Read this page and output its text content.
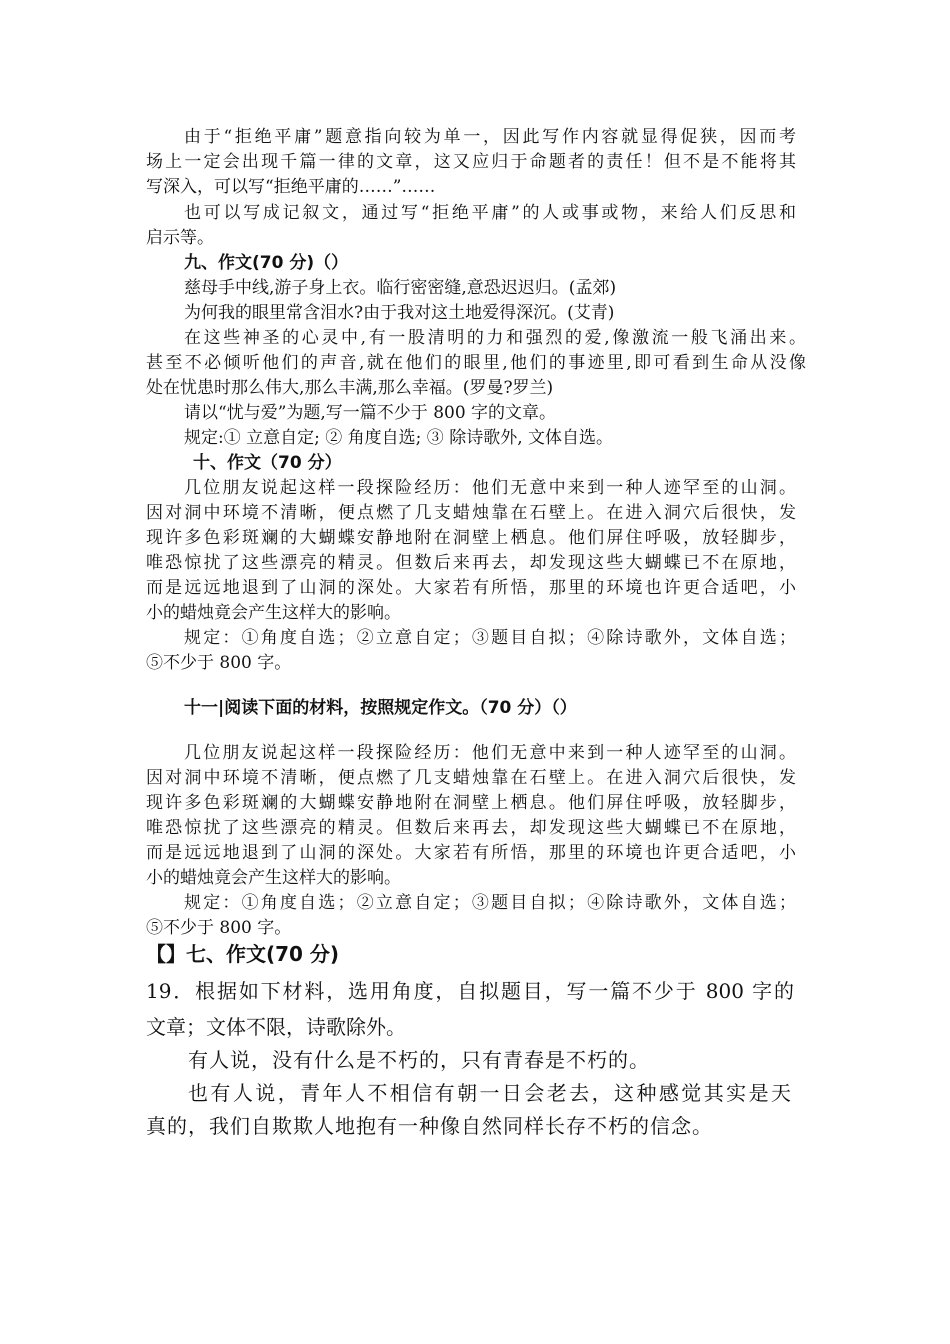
由于“拒绝平庸”题意指向较为单一，因此写作内容就显得促狭，因而考
场上一定会出现千篇一律的文章，这又应归于命题者的责任！但不是不能将其
写深入，可以写“拒绝平庸的……”……
也可以写成记叙文，通过写“拒绝平庸”的人或事或物，来给人们反思和
启示等。
九、作文(70 分)（）
慈母手中线,游子身上衣。临行密密缝,意恐迟迟归。(孟郊)
为何我的眼里常含泪水?由于我对这土地爱得深沉。(艾青)
在这些神圣的心灵中,有一股清明的力和强烈的爱,像激流一般飞涌出来。
甚至不必倾听他们的声音,就在他们的眼里,他们的事迹里,即可看到生命从没像
处在忧患时那么伟大,那么丰满,那么幸福。(罗曼?罗兰)
请以“忧与爱”为题,写一篇不少于 800 字的文章。
规定:① 立意自定; ② 角度自选; ③ 除诗歌外, 文体自选。
十、作文（70 分）
几位朋友说起这样一段探险经历：他们无意中来到一种人迹罕至的山洞。
因对洞中环境不清晰，便点燃了几支蜡烛靠在石壁上。在进入洞穴后很快，发
现许多色彩斑斓的大蝴蝶安静地附在洞壁上栖息。他们屏住呼吸，放轻脚步，
唯恐惊扰了这些漂亮的精灵。但数后来再去，却发现这些大蝴蝶已不在原地，
而是远远地退到了山洞的深处。大家若有所悟，那里的环境也许更合适吧，小
小的蜡烛竟会产生这样大的影响。
规定：①角度自选；②立意自定；③题目自拟；④除诗歌外，文体自选；
⑤不少于 800 字。
十一|阅读下面的材料，按照规定作文。（70 分）（）
几位朋友说起这样一段探险经历：他们无意中来到一种人迹罕至的山洞。
因对洞中环境不清晰，便点燃了几支蜡烛靠在石壁上。在进入洞穴后很快，发
现许多色彩斑斓的大蝴蝶安静地附在洞壁上栖息。他们屏住呼吸，放轻脚步，
唯恐惊扰了这些漂亮的精灵。但数后来再去，却发现这些大蝴蝶已不在原地，
而是远远地退到了山洞的深处。大家若有所悟，那里的环境也许更合适吧，小
小的蜡烛竟会产生这样大的影响。
规定：①角度自选；②立意自定；③题目自拟；④除诗歌外，文体自选；
⑤不少于 800 字。
【】七、作文(70 分)
19．根据如下材料，选用角度，自拟题目，写一篇不少于 800 字的
文章；文体不限，诗歌除外。
有人说，没有什么是不朽的，只有青春是不朽的。
也有人说，青年人不相信有朝一日会老去，这种感觉其实是天
真的，我们自欺欺人地抱有一种像自然同样长存不朽的信念。
